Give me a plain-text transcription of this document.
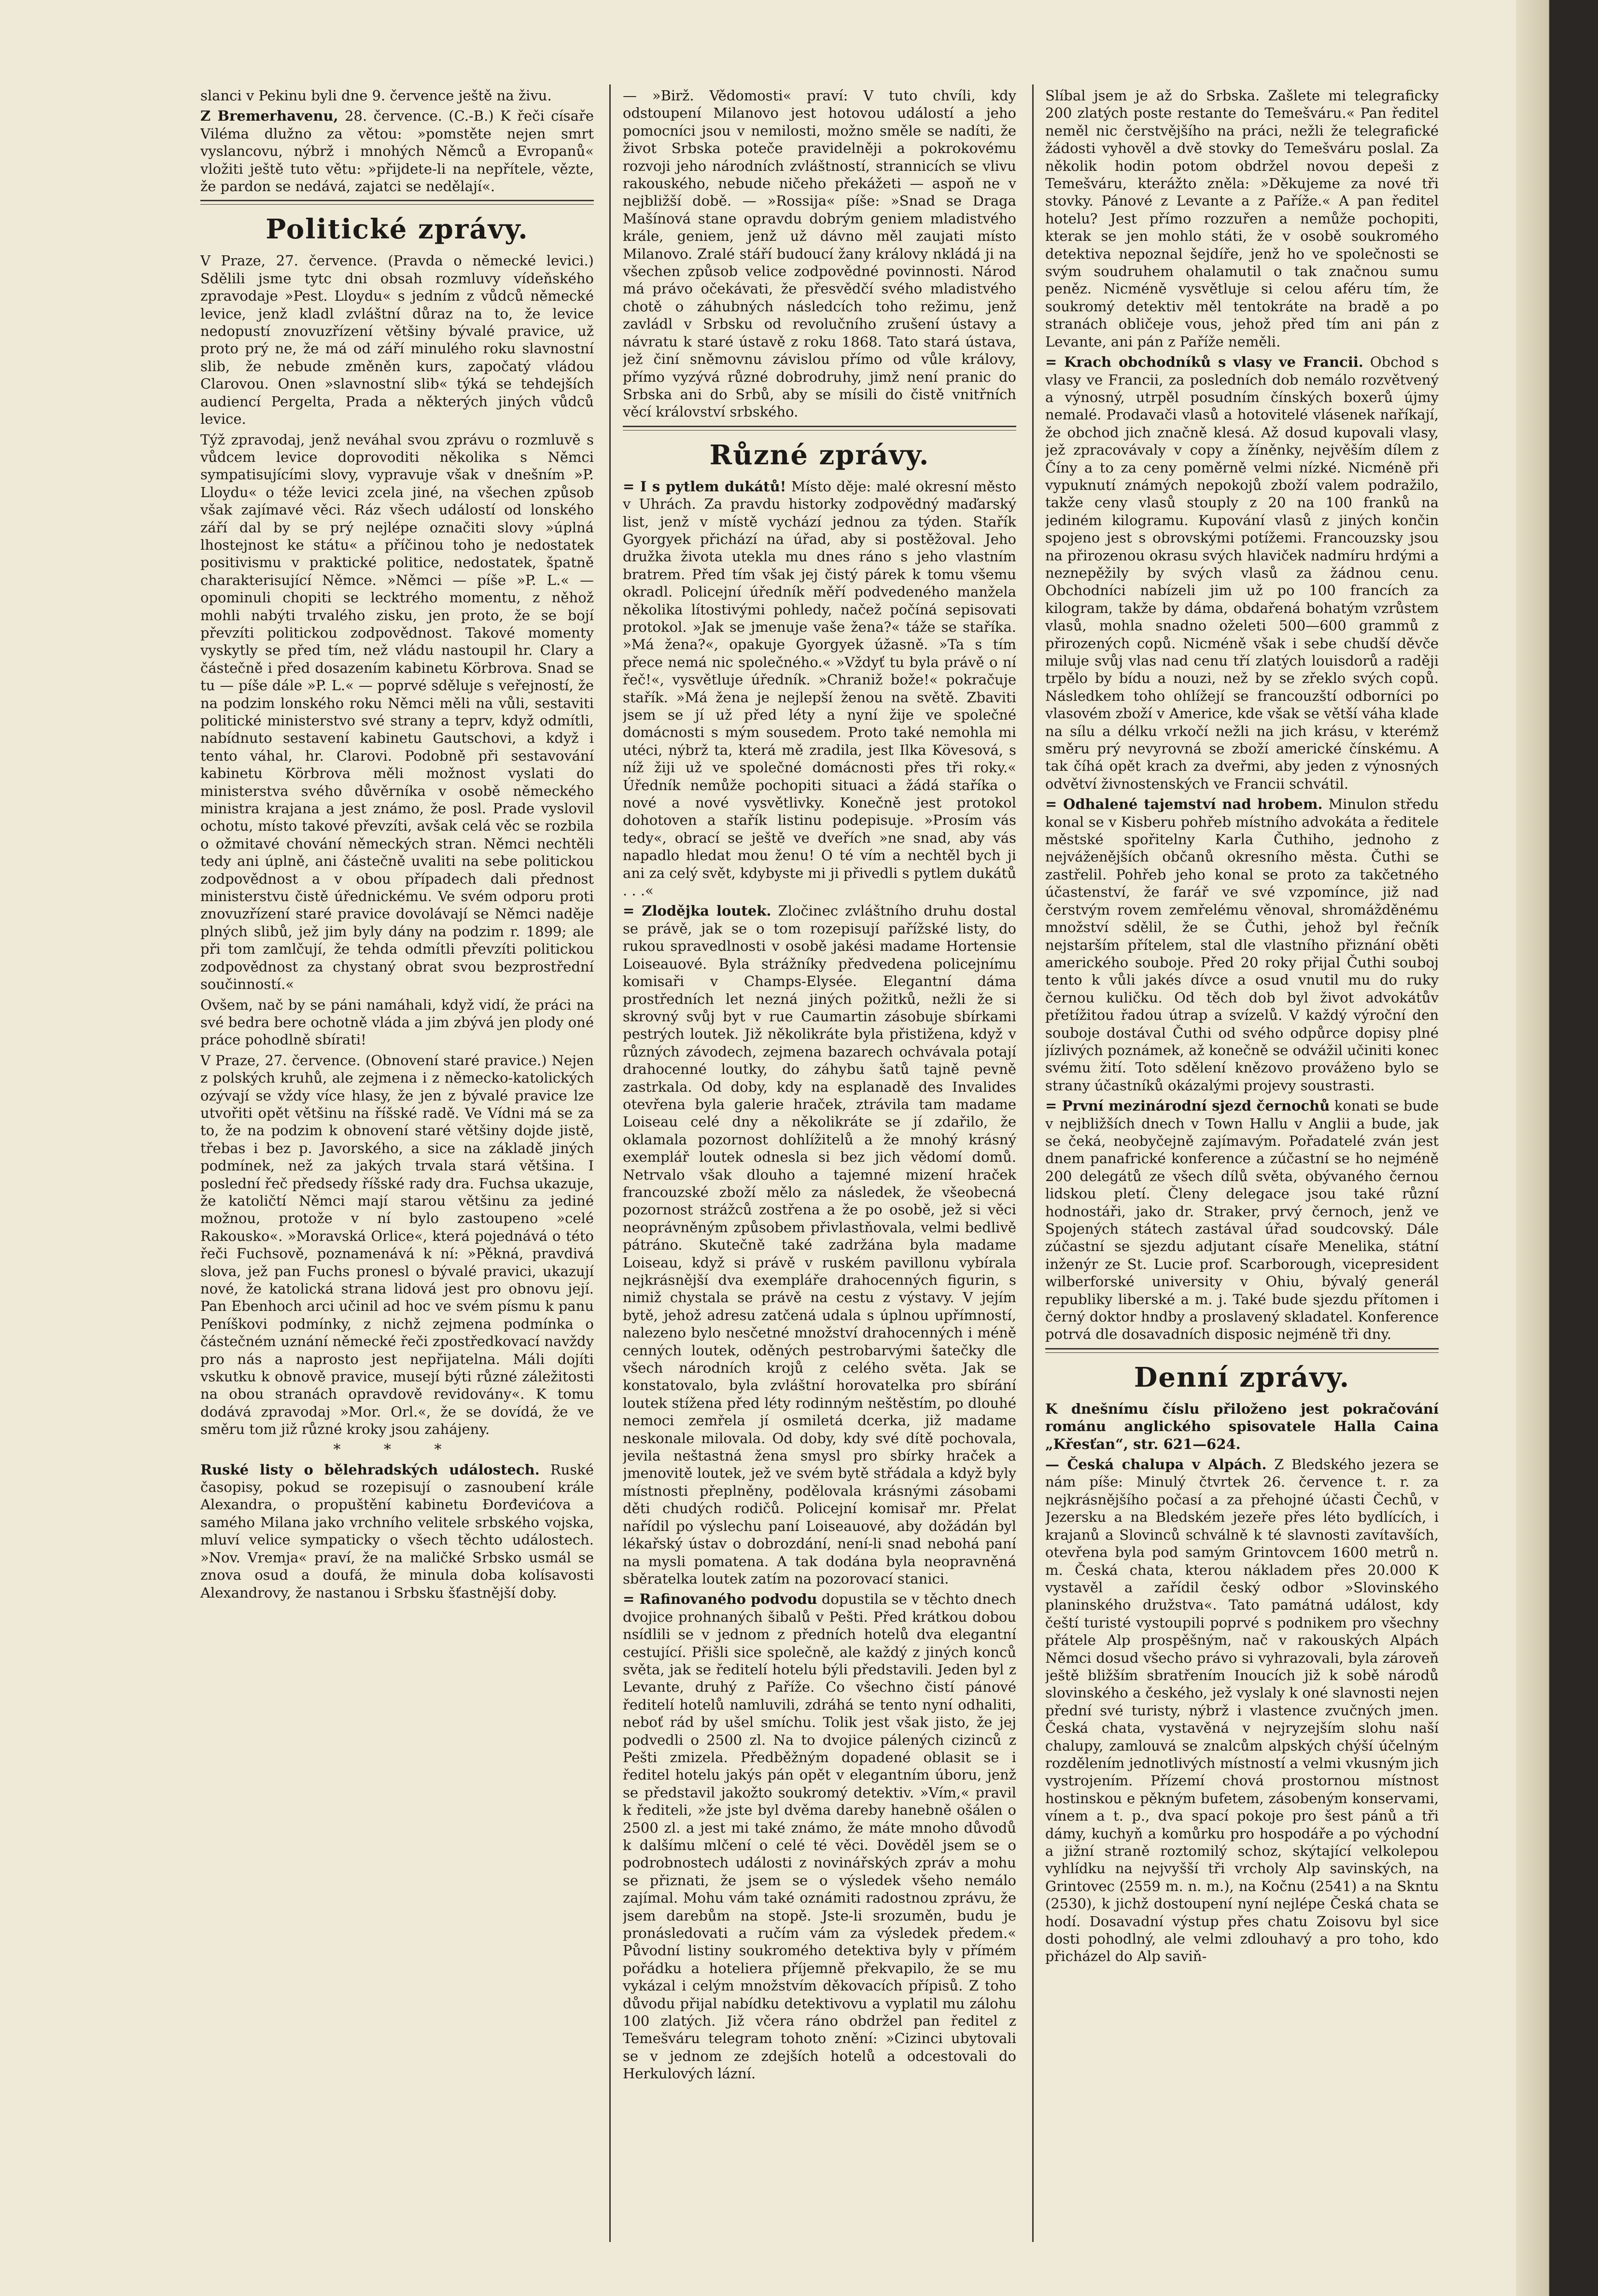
slanci v Pekinu byli dne 9. července ještě na živu.

Z Bremerhavenu, 28. července. (C.-B.) K řeči císaře Viléma dlužno za větou: »pomstěte nejen smrt vyslancovu, nýbrž i mnohých Němců a Evropanů« vložiti ještě tuto větu: »přijdete-li na nepřítele, vězte, že pardon se nedává, zajatci se nedělají«.

Politické zprávy.

V Praze, 27. července. (Pravda o německé levici.) Sdělili jsme tytc dni obsah rozmluvy vídeňského zpravodaje »Pest. Lloydu« s jedním z vůdců německé levice, jenž kladl zvláštní důraz na to, že levice nedopustí znovuzřízení většiny bývalé pravice, už proto prý ne, že má od září minulého roku slavnostní slib, že nebude změněn kurs, započatý vládou Clarovou. Onen »slavnostní slib« týká se tehdejších audiencí Pergelta, Prada a některých jiných vůdců levice.

Týž zpravodaj, jenž neváhal svou zprávu o rozmluvě s vůdcem levice doprovoditi několika s Němci sympatisujícími slovy, vypravuje však v dnešním »P. Lloydu« o téže levici zcela jiné, na všechen způsob však zajímavé věci. Ráz všech událostí od lonského září dal by se prý nejlépe označiti slovy »úplná lhostejnost ke státu« a příčinou toho je nedostatek positivismu v praktické politice, nedostatek, špatně charakterisující Němce. »Němci — píše »P. L.« — opominuli chopiti se lecktrého momentu, z něhož mohli nabýti trvalého zisku, jen proto, že se bojí převzíti politickou zodpovědnost. Takové momenty vyskytly se před tím, než vládu nastoupil hr. Clary a částečně i před dosazením kabinetu Körbrova. Snad se tu — píše dále »P. L.« — poprvé sděluje s veřejností, že na podzim lonského roku Němci měli na vůli, sestaviti politické ministerstvo své strany a teprv, když odmítli, nabídnuto sestavení kabinetu Gautschovi, a když i tento váhal, hr. Clarovi. Podobně při sestavování kabinetu Körbrova měli možnost vyslati do ministerstva svého důvěrníka v osobě německého ministra krajana a jest známo, že posl. Prade vyslovil ochotu, místo takové převzíti, avšak celá věc se rozbila o ožmitavé chování německých stran. Němci nechtěli tedy ani úplně, ani částečně uvaliti na sebe politickou zodpovědnost a v obou případech dali přednost ministerstvu čistě úřednickému. Ve svém odporu proti znovuzřízení staré pravice dovolávají se Němci naděje plných slibů, jež jim byly dány na podzim r. 1899; ale při tom zamlčují, že tehda odmítli převzíti politickou zodpovědnost za chystaný obrat svou bezprostřední součinností.«

Ovšem, nač by se páni namáhali, když vidí, že práci na své bedra bere ochotně vláda a jim zbývá jen plody oné práce pohodlně sbírati!

V Praze, 27. července. (Obnovení staré pravice.) Nejen z polských kruhů, ale zejmena i z německo-katolických ozývají se vždy více hlasy, že jen z bývalé pravice lze utvořiti opět většinu na říšské radě. Ve Vídni má se za to, že na podzim k obnovení staré většiny dojde jistě, třebas i bez p. Javorského, a sice na základě jiných podmínek, než za jakých trvala stará většina. I poslední řeč předsedy říšské rady dra. Fuchsa ukazuje, že katoličtí Němci mají starou většinu za jediné možnou, protože v ní bylo zastoupeno »celé Rakousko«. »Moravská Orlice«, která pojednává o této řeči Fuchsově, poznamenává k ní: »Pěkná, pravdivá slova, jež pan Fuchs pronesl o bývalé pravici, ukazují nové, že katolická strana lidová jest pro obnovu její. Pan Ebenhoch arci učinil ad hoc ve svém písmu k panu Peníškovi podmínky, z nichž zejmena podmínka o částečném uznání německé řeči zpostředkovací navždy pro nás a naprosto jest nepřijatelna. Máli dojíti vskutku k obnově pravice, musejí býti různé záležitosti na obou stranách opravdově revidovány«. K tomu dodává zpravodaj »Mor. Orl.«, že se dovídá, že ve směru tom již různé kroky jsou zahájeny.

* * *

Ruské listy o bělehradských událostech. Ruské časopisy, pokud se rozepisují o zasnoubení krále Alexandra, o propuštění kabinetu Đorđevićova a samého Milana jako vrchního velitele srbského vojska, mluví velice sympaticky o všech těchto událostech. »Nov. Vremja« praví, že na maličké Srbsko usmál se znova osud a doufá, že minula doba kolísavosti Alexandrovy, že nastanou i Srbsku šťastnější doby.

— »Birž. Vědomosti« praví: V tuto chvíli, kdy odstoupení Milanovo jest hotovou událostí a jeho pomocníci jsou v nemilosti, možno směle se nadíti, že život Srbska poteče pravidelněji a pokrokovému rozvoji jeho národních zvláštností, strannicích se vlivu rakouského, nebude ničeho překážeti — aspoň ne v nejbližší době. — »Rossija« píše: »Snad se Draga Mašínová stane opravdu dobrým geniem mladistvého krále, geniem, jenž už dávno měl zaujati místo Milanovo. Zralé stáří budoucí žany královy nkládá ji na všechen způsob velice zodpovědné povinnosti. Národ má právo očekávati, že přesvědčí svého mladistvého chotě o záhubných následcích toho režimu, jenž zavládl v Srbsku od revolučního zrušení ústavy a návratu k staré ústavě z roku 1868. Tato stará ústava, jež činí sněmovnu závislou přímo od vůle královy, přímo vyzývá různé dobrodruhy, jimž není pranic do Srbska ani do Srbů, aby se mísili do čistě vnitřních věcí království srbského.

Různé zprávy.

= I s pytlem dukátů! Místo děje: malé okresní město v Uhrách. Za pravdu historky zodpovědný maďarský list, jenž v místě vychází jednou za týden. Stařík Gyorgyek přichází na úřad, aby si postěžoval. Jeho družka života utekla mu dnes ráno s jeho vlastním bratrem. Před tím však jej čistý párek k tomu všemu okradl. Policejní úředník měří podvedeného manžela několika lítostivými pohledy, načež počíná sepisovati protokol. »Jak se jmenuje vaše žena?« táže se staříka. »Má žena?«, opakuje Gyorgyek úžasně. »Ta s tím přece nemá nic společného.« »Vždyť tu byla právě o ní řeč!«, vysvětluje úředník. »Chraniž bože!« pokračuje stařík. »Má žena je nejlepší ženou na světě. Zbaviti jsem se jí už před léty a nyní žije ve společné domácnosti s mým sousedem. Proto také nemohla mi utéci, nýbrž ta, která mě zradila, jest Ilka Kövesová, s níž žiji už ve společné domácnosti přes tři roky.« Úředník nemůže pochopiti situaci a žádá staříka o nové a nové vysvětlivky. Konečně jest protokol dohotoven a stařík listinu podepisuje. »Prosím vás tedy«, obrací se ještě ve dveřích »ne snad, aby vás napadlo hledat mou ženu! O té vím a nechtěl bych ji ani za celý svět, kdybyste mi ji přivedli s pytlem dukátů . . .«

= Zlodějka loutek. Zločinec zvláštního druhu dostal se právě, jak se o tom rozepisují pařížské listy, do rukou spravedlnosti v osobě jakési madame Hortensie Loiseauové. Byla strážníky předvedena policejnímu komisaři v Champs-Elysée. Elegantní dáma prostředních let nezná jiných požitků, nežli že si skrovný svůj byt v rue Caumartin zásobuje sbírkami pestrých loutek. Již několikráte byla přistižena, když v různých závodech, zejmena bazarech ochvávala potají drahocenné loutky, do záhybu šatů tajně pevně zastrkala. Od doby, kdy na esplanadě des Invalides otevřena byla galerie hraček, ztrávila tam madame Loiseau celé dny a několikráte se jí zdařilo, že oklamala pozornost dohlížitelů a že mnohý krásný exemplář loutek odnesla si bez jich vědomí domů. Netrvalo však dlouho a tajemné mizení hraček francouzské zboží mělo za následek, že všeobecná pozornost strážců zostřena a že po osobě, jež si věci neoprávněným způsobem přivlastňovala, velmi bedlivě pátráno. Skutečně také zadržána byla madame Loiseau, když si právě v ruském pavillonu vybírala nejkrásnější dva exempláře drahocenných figurin, s nimiž chystala se právě na cestu z výstavy. V jejím bytě, jehož adresu zatčená udala s úplnou upřímností, nalezeno bylo nesčetné množství drahocenných i méně cenných loutek, oděných pestrobarvými šatečky dle všech národních krojů z celého světa. Jak se konstatovalo, byla zvláštní horovatelka pro sbírání loutek stížena před léty rodinným neštěstím, po dlouhé nemoci zemřela jí osmiletá dcerka, již madame neskonale milovala. Od doby, kdy své dítě pochovala, jevila neštastná žena smysl pro sbírky hraček a jmenovitě loutek, jež ve svém bytě střádala a když byly místnosti přeplněny, podělovala krásnými zásobami děti chudých rodičů. Policejní komisař mr. Přelat nařídil po výslechu paní Loiseauové, aby dožádán byl lékařský ústav o dobrozdání, není-li snad nebohá paní na mysli pomatena. A tak dodána byla neopravněná sběratelka loutek zatím na pozorovací stanici.

= Rafinovaného podvodu dopustila se v těchto dnech dvojice prohnaných šibalů v Pešti. Před krátkou dobou nsídlili se v jednom z předních hotelů dva elegantní cestující. Přišli sice společně, ale každý z jiných konců světa, jak se ředitelí hotelu býli představili. Jeden byl z Levante, druhý z Paříže. Co všechno čistí pánové ředitelí hotelů namluvili, zdráhá se tento nyní odhaliti, neboť rád by ušel smíchu. Tolik jest však jisto, že jej podvedli o 2500 zl. Na to dvojice pálených cizinců z Pešti zmizela. Předběžným dopadené oblasit se i ředitel hotelu jakýs pán opět v elegantním úboru, jenž se představil jakožto soukromý detektiv. »Vím,« pravil k řediteli, »že jste byl dvěma dareby hanebně ošálen o 2500 zl. a jest mi také známo, že máte mnoho důvodů k dalšímu mlčení o celé té věci. Dověděl jsem se o podrobnostech události z novinářských zpráv a mohu se přiznati, že jsem se o výsledek všeho nemálo zajímal. Mohu vám také oznámiti radostnou zprávu, že jsem darebům na stopě. Jste-li srozuměn, budu je pronásledovati a ručím vám za výsledek předem.« Původní listiny soukromého detektiva byly v přímém pořádku a hoteliera příjemně překvapilo, že se mu vykázal i celým množstvím děkovacích přípisů. Z toho důvodu přijal nabídku detektivovu a vyplatil mu zálohu 100 zlatých. Již včera ráno obdržel pan ředitel z Temešváru telegram tohoto znění: »Cizinci ubytovali se v jednom ze zdejších hotelů a odcestovali do Herkulových lázní.

Slíbal jsem je až do Srbska. Zašlete mi telegraficky 200 zlatých poste restante do Temešváru.« Pan ředitel neměl nic čerstvějšího na práci, nežli že telegrafické žádosti vyhověl a dvě stovky do Temešváru poslal. Za několik hodin potom obdržel novou depeši z Temešváru, kterážto zněla: »Děkujeme za nové tři stovky. Pánové z Levante a z Paříže.« A pan ředitel hotelu? Jest přímo rozzuřen a nemůže pochopiti, kterak se jen mohlo státi, že v osobě soukromého detektiva nepoznal šejdíře, jenž ho ve společnosti se svým soudruhem ohalamutil o tak značnou sumu peněz. Nicméně vysvětluje si celou aféru tím, že soukromý detektiv měl tentokráte na bradě a po stranách obličeje vous, jehož před tím ani pán z Levante, ani pán z Paříže neměli.

= Krach obchodníků s vlasy ve Francii. Obchod s vlasy ve Francii, za posledních dob nemálo rozvětvený a výnosný, utrpěl posudním čínských boxerů újmy nemalé. Prodavači vlasů a hotovitelé vlásenek naříkají, že obchod jich značně klesá. Až dosud kupovali vlasy, jež zpracovávaly v copy a žíněnky, nejvěším dílem z Číny a to za ceny poměrně velmi nízké. Nicméně při vypuknutí známých nepokojů zboží valem podražilo, takže ceny vlasů stouply z 20 na 100 franků na jediném kilogramu. Kupování vlasů z jiných končin spojeno jest s obrovskými potížemi. Francouzsky jsou na přirozenou okrasu svých hlaviček nadmíru hrdými a neznepěžily by svých vlasů za žádnou cenu. Obchodníci nabízeli jim už po 100 francích za kilogram, takže by dáma, obdařená bohatým vzrůstem vlasů, mohla snadno oželeti 500—600 grammů z přirozených copů. Nicméně však i sebe chudší děvče miluje svůj vlas nad cenu tří zlatých louisdorů a raději trpělo by bídu a nouzi, než by se zřeklo svých copů. Následkem toho ohlížejí se francouzští odborníci po vlasovém zboží v Americe, kde však se větší váha klade na sílu a délku vrkočí nežli na jich krásu, v kterémž směru prý nevyrovná se zboží americké čínskému. A tak číhá opět krach za dveřmi, aby jeden z výnosných odvětví živnostenských ve Francii schvátil.

= Odhalené tajemství nad hrobem. Minulon středu konal se v Kisberu pohřeb místního advokáta a ředitele městské spořitelny Karla Čuthiho, jednoho z nejváženějších občanů okresního města. Čuthi se zastřelil. Pohřeb jeho konal se proto za takčetného účastenství, že farář ve své vzpomínce, již nad čerstvým rovem zemřelému věnoval, shromážděnému množství sdělil, že se Čuthi, jehož byl řečník nejstarším přítelem, stal dle vlastního přiznání oběti amerického souboje. Před 20 roky přijal Čuthi souboj tento k vůli jakés dívce a osud vnutil mu do ruky černou kuličku. Od těch dob byl život advokátův přetížitou řadou útrap a svízelů. V každý výroční den souboje dostával Čuthi od svého odpůrce dopisy plné jízlivých poznámek, až konečně se odvážil učiniti konec svému žití. Toto sdělení knězovo prováženo bylo se strany účastníků okázalými projevy soustrasti.

= První mezinárodní sjezd černochů konati se bude v nejbližších dnech v Town Hallu v Anglii a bude, jak se čeká, neobyčejně zajímavým. Pořadatelé zván jest dnem panafrické konference a zúčastní se ho nejméně 200 delegátů ze všech dílů světa, obývaného černou lidskou pletí. Členy delegace jsou také různí hodnostáři, jako dr. Straker, prvý černoch, jenž ve Spojených státech zastával úřad soudcovský. Dále zúčastní se sjezdu adjutant císaře Menelika, státní inženýr ze St. Lucie prof. Scarborough, vicepresident wilberforské university v Ohiu, bývalý generál republiky liberské a m. j. Také bude sjezdu přítomen i černý doktor hndby a proslavený skladatel. Konference potrvá dle dosavadních disposic nejméně tři dny.

Denní zprávy.

K dnešnímu číslu přiloženo jest pokračování románu anglického spisovatele Halla Caina „Křesťan“, str. 621—624.

— Česká chalupa v Alpách. Z Bledského jezera se nám píše: Minulý čtvrtek 26. července t. r. za nejkrásnějšího počasí a za přehojné účasti Čechů, v Jezersku a na Bledském jezeře přes léto bydlících, i krajanů a Slovinců schválně k té slavnosti zavítavších, otevřena byla pod samým Grintovcem 1600 metrů n. m. Česká chata, kterou nákladem přes 20.000 K vystavěl a zařídil český odbor »Slovinského planinského družstva«. Tato památná událost, kdy čeští turisté vystoupili poprvé s podnikem pro všechny přátele Alp prospěšným, nač v rakouských Alpách Němci dosud všecho právo si vyhrazovali, byla zároveň ještě bližším sbratřením Inoucích již k sobě národů slovinského a českého, jež vyslaly k oné slavnosti nejen přední své turisty, nýbrž i vlastence zvučných jmen. Česká chata, vystavěná v nejryzejším slohu naší chalupy, zamlouvá se znalcům alpských chýší účelným rozdělením jednotlivých místností a velmi vkusným jich vystrojením. Přízemí chová prostornou místnost hostinskou e pěkným bufetem, zásobeným konservami, vínem a t. p., dva spací pokoje pro šest pánů a tři dámy, kuchyň a komůrku pro hospodáře a po východní a jižní straně roztomilý schoz, skýtající velkolepou vyhlídku na nejvyšší tři vrcholy Alp savinských, na Grintovec (2559 m. n. m.), na Kočnu (2541) a na Skntu (2530), k jichž dostoupení nyní nejlépe Česká chata se hodí. Dosavadní výstup přes chatu Zoisovu byl sice dosti pohodlný, ale velmi zdlouhavý a pro toho, kdo přicházel do Alp saviň-
